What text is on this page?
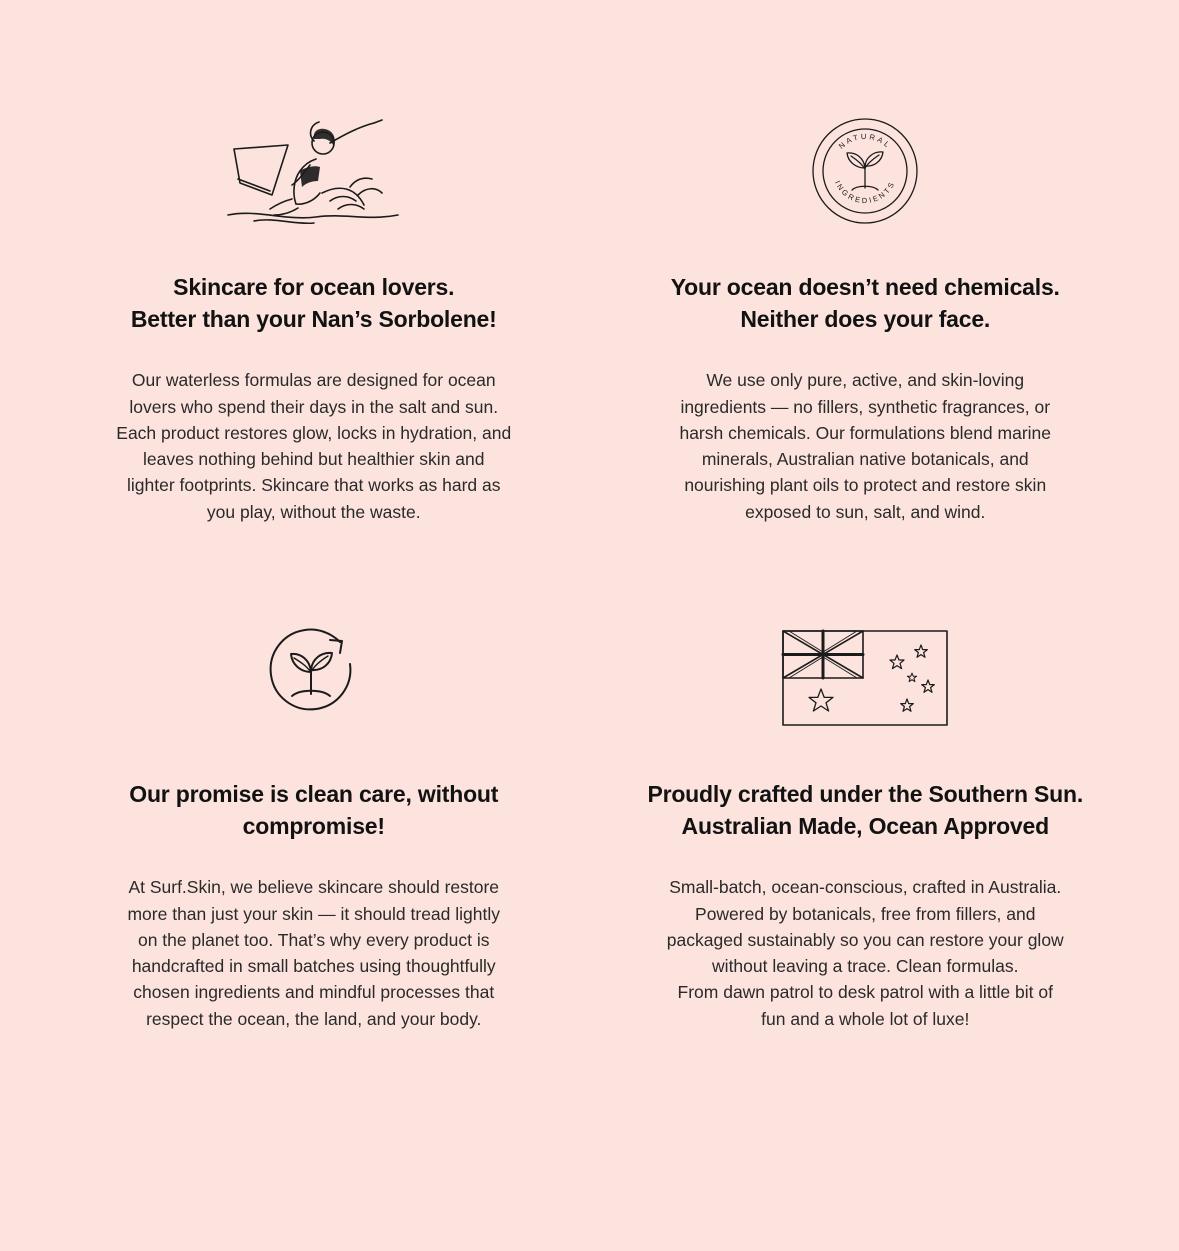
Skincare for ocean lovers.
Better than your Nan’s Sorbolene!
Our waterless formulas are designed for ocean
lovers who spend their days in the salt and sun.
Each product restores glow, locks in hydration, and
leaves nothing behind but healthier skin and
lighter footprints. Skincare that works as hard as
you play, without the waste.
NATURAL
INGREDIENTS
Your ocean doesn’t need chemicals.
Neither does your face.
We use only pure, active, and skin-loving
ingredients — no fillers, synthetic fragrances, or
harsh chemicals. Our formulations blend marine
minerals, Australian native botanicals, and
nourishing plant oils to protect and restore skin
exposed to sun, salt, and wind.
Our promise is clean care, without
compromise!
At Surf.Skin, we believe skincare should restore
more than just your skin — it should tread lightly
on the planet too. That’s why every product is
handcrafted in small batches using thoughtfully
chosen ingredients and mindful processes that
respect the ocean, the land, and your body.
Proudly crafted under the Southern Sun.
Australian Made, Ocean Approved
Small-batch, ocean-conscious, crafted in Australia.
Powered by botanicals, free from fillers, and
packaged sustainably so you can restore your glow
without leaving a trace. Clean formulas.
From dawn patrol to desk patrol with a little bit of
fun and a whole lot of luxe!
